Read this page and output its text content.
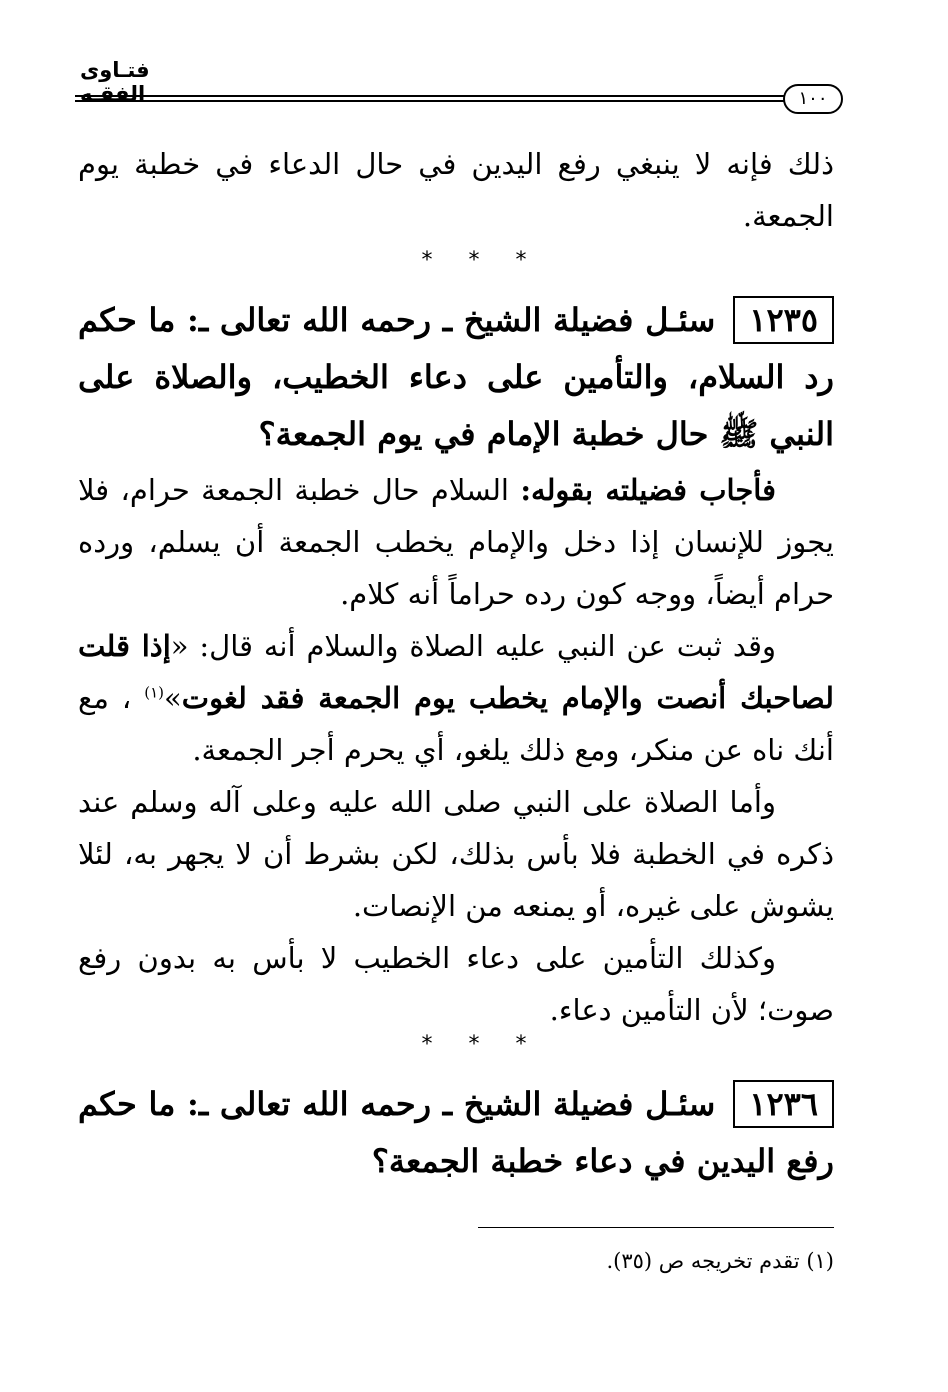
فتـاوى الفقـه	١٠٠

ذلك فإنه لا ينبغي رفع اليدين في حال الدعاء في خطبة يوم الجمعة.

***

١٢٣٥سئـل فضيلة الشيخ ـ رحمه الله تعالى ـ: ما حكم رد السلام، والتأمين على دعاء الخطيب، والصلاة على النبي ﷺ حال خطبة الإمام في يوم الجمعة؟

فأجاب فضيلته بقوله: السلام حال خطبة الجمعة حرام، فلا يجوز للإنسان إذا دخل والإمام يخطب الجمعة أن يسلم، ورده حرام أيضاً، ووجه كون رده حراماً أنه كلام.

وقد ثبت عن النبي عليه الصلاة والسلام أنه قال: «إذا قلت لصاحبك أنصت والإمام يخطب يوم الجمعة فقد لغوت»$^{(١)}$ ، مع أنك ناه عن منكر، ومع ذلك يلغو، أي يحرم أجر الجمعة.

وأما الصلاة على النبي صلى الله عليه وعلى آله وسلم عند ذكره في الخطبة فلا بأس بذلك، لكن بشرط أن لا يجهر به، لئلا يشوش على غيره، أو يمنعه من الإنصات.

وكذلك التأمين على دعاء الخطيب لا بأس به بدون رفع صوت؛ لأن التأمين دعاء.

***

١٢٣٦سئـل فضيلة الشيخ ـ رحمه الله تعالى ـ: ما حكم رفع اليدين في دعاء خطبة الجمعة؟

(١) تقدم تخريجه ص (٣٥).
